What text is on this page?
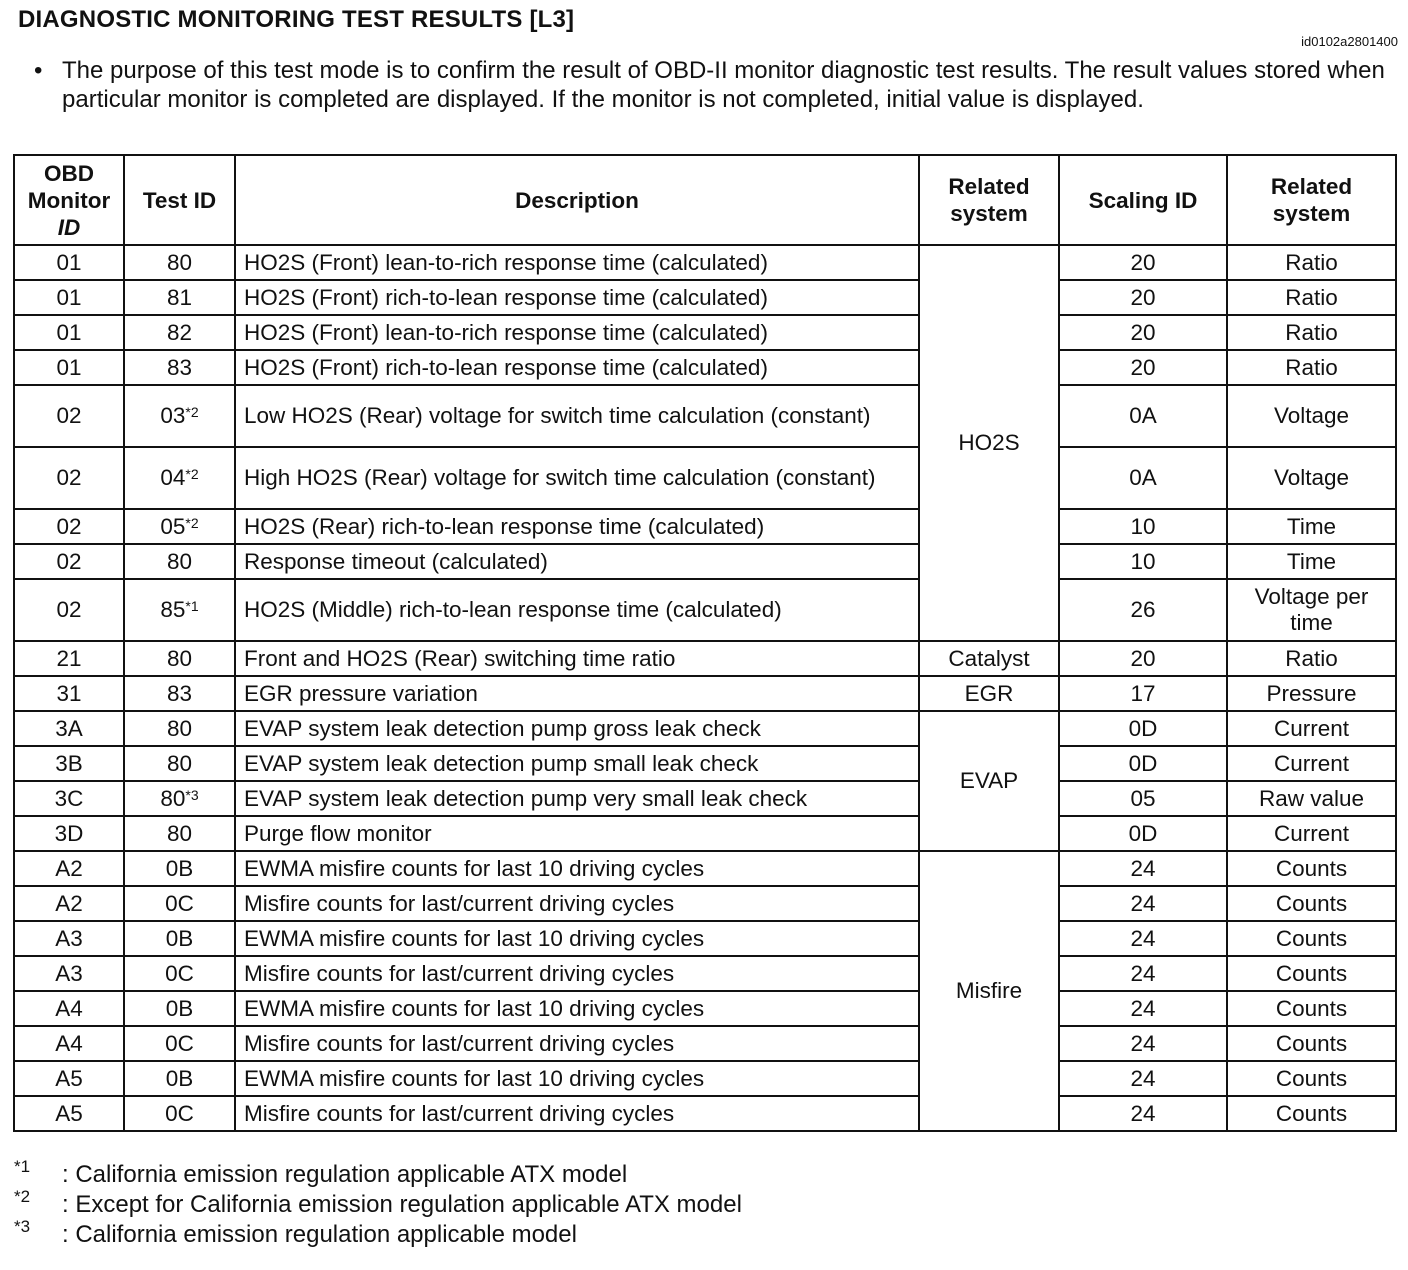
DIAGNOSTIC MONITORING TEST RESULTS [L3]
id0102a2801400
• The purpose of this test mode is to confirm the result of OBD-II monitor diagnostic test results. The result values stored when particular monitor is completed are displayed. If the monitor is not completed, initial value is displayed.
OBD
Monitor
ID	Test ID	Description	Related
system	Scaling ID	Related
system
01	80	HO2S (Front) lean-to-rich response time (calculated)	HO2S	20	Ratio
01	81	HO2S (Front) rich-to-lean response time (calculated)		20	Ratio
01	82	HO2S (Front) lean-to-rich response time (calculated)		20	Ratio
01	83	HO2S (Front) rich-to-lean response time (calculated)		20	Ratio
02	03$^{*2}$	Low HO2S (Rear) voltage for switch time calculation (constant)		0A	Voltage
02	04$^{*2}$	High HO2S (Rear) voltage for switch time calculation (constant)		0A	Voltage
02	05$^{*2}$	HO2S (Rear) rich-to-lean response time (calculated)		10	Time
02	80	Response timeout (calculated)		10	Time
02	85$^{*1}$	HO2S (Middle) rich-to-lean response time (calculated)		26	Voltage per time
21	80	Front and HO2S (Rear) switching time ratio	Catalyst	20	Ratio
31	83	EGR pressure variation	EGR	17	Pressure
3A	80	EVAP system leak detection pump gross leak check	EVAP	0D	Current
3B	80	EVAP system leak detection pump small leak check		0D	Current
3C	80$^{*3}$	EVAP system leak detection pump very small leak check		05	Raw value
3D	80	Purge flow monitor		0D	Current
A2	0B	EWMA misfire counts for last 10 driving cycles	Misfire	24	Counts
A2	0C	Misfire counts for last/current driving cycles		24	Counts
A3	0B	EWMA misfire counts for last 10 driving cycles		24	Counts
A3	0C	Misfire counts for last/current driving cycles		24	Counts
A4	0B	EWMA misfire counts for last 10 driving cycles		24	Counts
A4	0C	Misfire counts for last/current driving cycles		24	Counts
A5	0B	EWMA misfire counts for last 10 driving cycles		24	Counts
A5	0C	Misfire counts for last/current driving cycles		24	Counts
*1 : California emission regulation applicable ATX model
*2 : Except for California emission regulation applicable ATX model
*3 : California emission regulation applicable model
